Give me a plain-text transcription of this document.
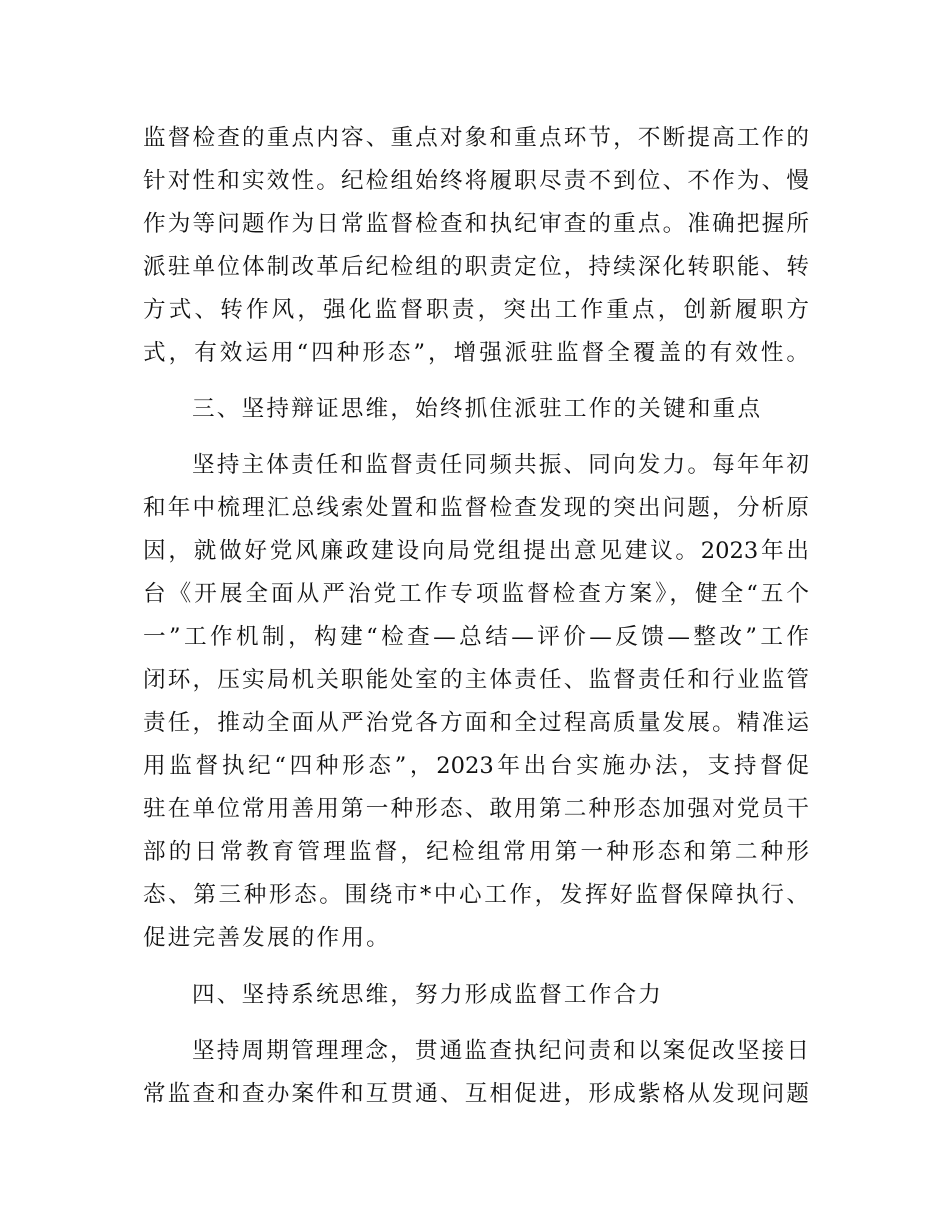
监督检查的重点内容、重点对象和重点环节，不断提高工作的
针对性和实效性。纪检组始终将履职尽责不到位、不作为、慢
作为等问题作为日常监督检查和执纪审查的重点。准确把握所
派驻单位体制改革后纪检组的职责定位，持续深化转职能、转
方式、转作风，强化监督职责，突出工作重点，创新履职方
式，有效运用“四种形态”，增强派驻监督全覆盖的有效性。
三、坚持辩证思维，始终抓住派驻工作的关键和重点
坚持主体责任和监督责任同频共振、同向发力。每年年初
和年中梳理汇总线索处置和监督检查发现的突出问题，分析原
因，就做好党风廉政建设向局党组提出意见建议。2023年出
台《开展全面从严治党工作专项监督检查方案》，健全“五个
一”工作机制，构建“检查—总结—评价—反馈—整改”工作
闭环，压实局机关职能处室的主体责任、监督责任和行业监管
责任，推动全面从严治党各方面和全过程高质量发展。精准运
用监督执纪“四种形态”，2023年出台实施办法，支持督促
驻在单位常用善用第一种形态、敢用第二种形态加强对党员干
部的日常教育管理监督，纪检组常用第一种形态和第二种形
态、第三种形态。围绕市*中心工作，发挥好监督保障执行、
促进完善发展的作用。
四、坚持系统思维，努力形成监督工作合力
坚持周期管理理念，贯通监查执纪问责和以案促改坚接日
常监查和查办案件和互贯通、互相促进，形成紫格从发现问题
